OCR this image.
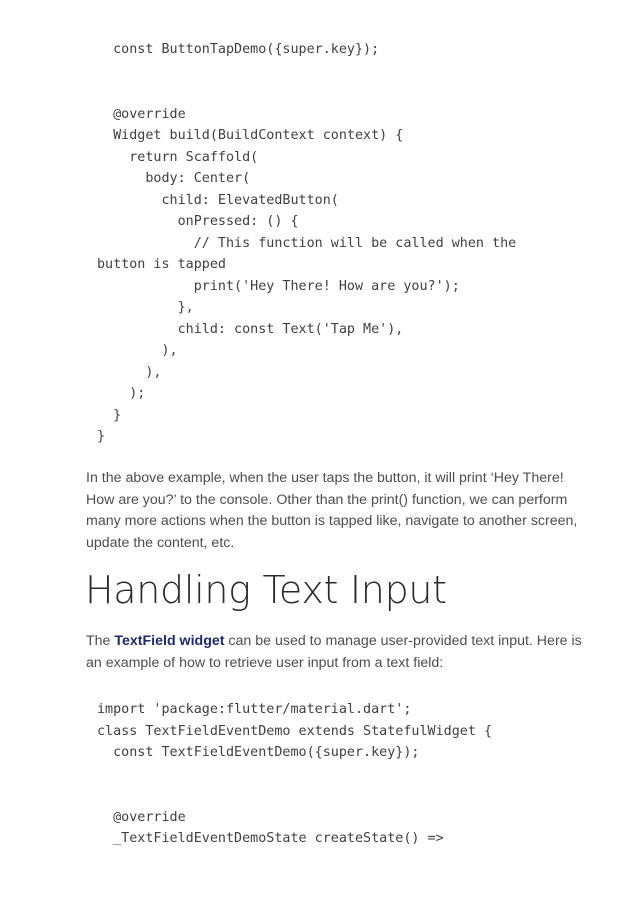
const ButtonTapDemo({super.key});
@override
Widget build(BuildContext context) {
return Scaffold(
body: Center(
child: ElevatedButton(
onPressed: () {
// This function will be called when the
button is tapped
print('Hey There! How are you?');
},
child: const Text('Tap Me'),
),
),
);
}
}

In the above example, when the user taps the button, it will print ‘Hey There! How are you?’ to the console. Other than the print() function, we can perform many more actions when the button is tapped like, navigate to another screen, update the content, etc.

Handling Text Input

The TextField widget can be used to manage user-provided text input. Here is an example of how to retrieve user input from a text field:

import 'package:flutter/material.dart';
class TextFieldEventDemo extends StatefulWidget {
const TextFieldEventDemo({super.key});
@override
_TextFieldEventDemoState createState() =>
